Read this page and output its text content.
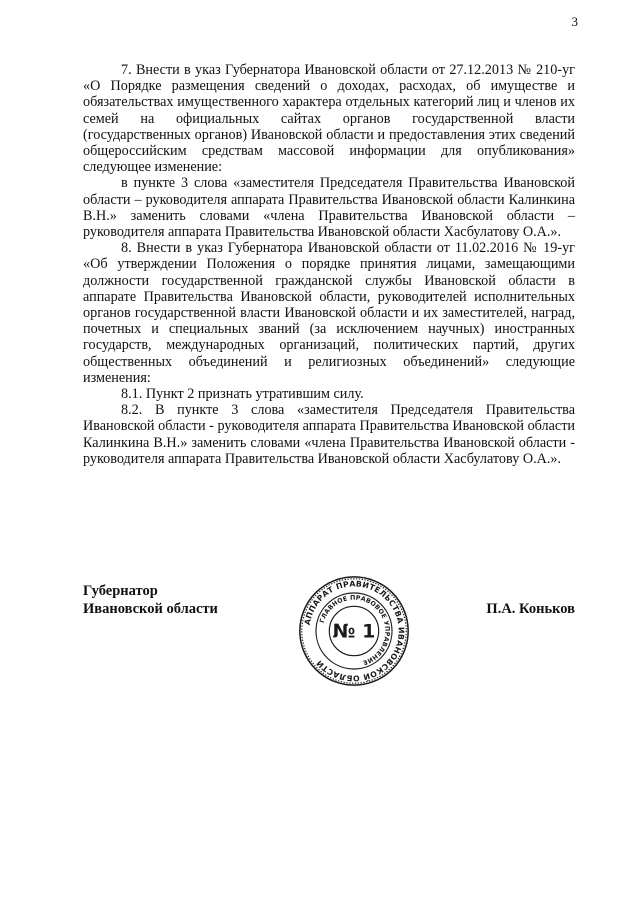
3

7. Внести в указ Губернатора Ивановской области от 27.12.2013 № 210-уг «О Порядке размещения сведений о доходах, расходах, об имуществе и обязательствах имущественного характера отдельных категорий лиц и членов их семей на официальных сайтах органов государственной власти (государственных органов) Ивановской области и предоставления этих сведений общероссийским средствам массовой информации для опубликования» следующее изменение:

в пункте 3 слова «заместителя Председателя Правительства Ивановской области – руководителя аппарата Правительства Ивановской области Калинкина В.Н.» заменить словами «члена Правительства Ивановской области – руководителя аппарата Правительства Ивановской области Хасбулатову О.А.».

8. Внести в указ Губернатора Ивановской области от 11.02.2016 № 19-уг «Об утверждении Положения о порядке принятия лицами, замещающими должности государственной гражданской службы Ивановской области в аппарате Правительства Ивановской области, руководителей исполнительных органов государственной власти Ивановской области и их заместителей, наград, почетных и специальных званий (за исключением научных) иностранных государств, международных организаций, политических партий, других общественных объединений и религиозных объединений» следующие изменения:

8.1. Пункт 2 признать утратившим силу.

8.2. В пункте 3 слова «заместителя Председателя Правительства Ивановской области - руководителя аппарата Правительства Ивановской области Калинкина В.Н.» заменить словами «члена Правительства Ивановской области - руководителя аппарата Правительства Ивановской области Хасбулатову О.А.».

Губернатор
Ивановской области
АППАРАТ ПРАВИТЕЛЬСТВА ИВАНОВСКОЙ ОБЛАСТИ
ГЛАВНОЕ ПРАВОВОЕ УПРАВЛЕНИЕ
№ 1
П.А. Коньков
